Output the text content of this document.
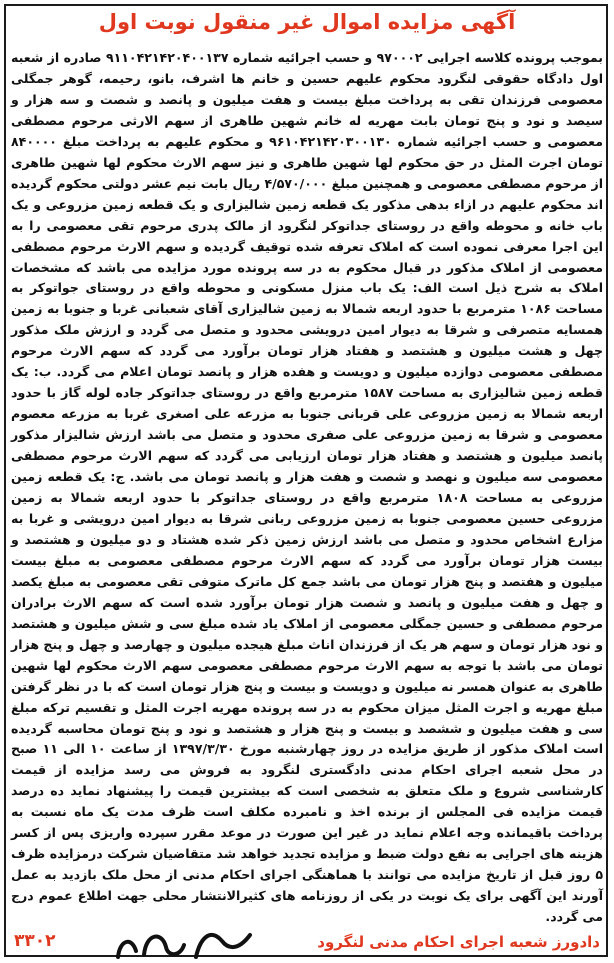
آگهی مزایده اموال غیر منقول نوبت اول
بموجب پرونده کلاسه اجرایی ۹۷۰۰۰۲ و حسب اجرائیه شماره ۹۱۱۰۴۲۱۴۲۰۴۰۰۱۳۷ صادره از شعبه اول دادگاه حقوقی لنگرود محکوم علیهم حسین و خانم ها اشرف، بانو، رحیمه، گوهر جمگلی معصومی فرزندان تقی به پرداخت مبلغ بیست و هفت میلیون و پانصد و شصت و سه هزار و سیصد و نود و پنج تومان بابت مهریه له خانم شهین طاهری از سهم الارثی مرحوم مصطفی معصومی و حسب اجرائیه شماره ۹۶۱۰۴۲۱۴۲۰۳۰۰۱۳۰ و محکوم علیهم به پرداخت مبلغ ۸۴۰۰۰۰ تومان اجرت المثل در حق محکوم لها شهین طاهری و نیز سهم الارث محکوم لها شهین طاهری از مرحوم مصطفی معصومی و همچنین مبلغ ۴/۵۷۰/۰۰۰ ریال بابت نیم عشر دولتی محکوم گردیده اند محکوم علیهم در ازاء بدهی مذکور یک قطعه زمین شالیزاری و یک قطعه زمین مزروعی و یک باب خانه و محوطه واقع در روستای جداتوکر لنگرود از مالک پدری مرحوم تقی معصومی را به این اجرا معرفی نموده است که املاک تعرفه شده توقیف گردیده و سهم الارث مرحوم مصطفی معصومی از املاک مذکور در قبال محکوم به در سه پرونده مورد مزایده می باشد که مشخصات املاک به شرح ذیل است الف: یک باب منزل مسکونی و محوطه واقع در روستای جواتوکر به مساحت ۱۰۸۶ مترمربع با حدود اربعه شمالا به زمین شالیزاری آقای شعبانی غربا و جنوبا به زمین همسایه متصرفی و شرقا به دیوار امین درویشی محدود و متصل می گردد و ارزش ملک مذکور چهل و هشت میلیون و هشتصد و هفتاد هزار تومان برآورد می گردد که سهم الارث مرحوم مصطفی معصومی دوازده میلیون و دویست و هفده هزار و پانصد تومان اعلام می گردد. ب: یک قطعه زمین شالیزاری به مساحت ۱۵۸۷ مترمربع واقع در روستای جداتوکر جاده لوله گاز با حدود اربعه شمالا به زمین مزروعی علی قربانی جنوبا به مزرعه علی اصغری غربا به مزرعه معصوم معصومی و شرقا به زمین مزروعی علی صفری محدود و متصل می باشد ارزش شالیزار مذکور پانصد میلیون و هشتصد و هفتاد هزار تومان ارزیابی می گردد که سهم الارث مرحوم مصطفی معصومی سه میلیون و نهصد و شصت و هفت هزار و پانصد تومان می باشد. ج: یک قطعه زمین مزروعی به مساحت ۱۸۰۸ مترمربع واقع در روستای جداتوکر با حدود اربعه شمالا به زمین مزروعی حسین معصومی جنوبا به زمین مزروعی ربانی شرقا به دیوار امین درویشی و غربا به مزارع اشخاص محدود و متصل می باشد ارزش زمین ذکر شده هشتاد و دو میلیون و هشتصد و بیست هزار تومان برآورد می گردد که سهم الارث مرحوم مصطفی معصومی به مبلغ بیست میلیون و هفتصد و پنج هزار تومان می باشد جمع کل ماترک متوفی تقی معصومی به مبلغ یکصد و چهل و هفت میلیون و پانصد و شصت هزار تومان برآورد شده است که سهم الارث برادران مرحوم مصطفی و حسین جمگلی معصومی از املاک یاد شده مبلغ سی و شش میلیون و هشتصد و نود هزار تومان و سهم هر یک از فرزندان اناث مبلغ هیجده میلیون و چهارصد و چهل و پنج هزار تومان می باشد با توجه به سهم الارث مرحوم مصطفی معصومی سهم الارث محکوم لها شهین طاهری به عنوان همسر نه میلیون و دویست و بیست و پنج هزار تومان است که با در نظر گرفتن مبلغ مهریه و اجرت المثل میزان محکوم به در سه پرونده مهریه اجرت المثل و تقسیم ترکه مبلغ سی و هفت میلیون و ششصد و بیست و پنج هزار و هشتصد و نود و پنج تومان محاسبه گردیده است املاک مذکور از طریق مزایده در روز چهارشنبه مورخ ۱۳۹۷/۳/۳۰ از ساعت ۱۰ الی ۱۱ صبح در محل شعبه اجرای احکام مدنی دادگستری لنگرود به فروش می رسد مزایده از قیمت کارشناسی شروع و ملک متعلق به شخصی است که بیشترین قیمت را پیشنهاد نماید ده درصد قیمت مزایده فی المجلس از برنده اخذ و نامبرده مکلف است ظرف مدت یک ماه نسبت به پرداخت باقیمانده وجه اعلام نماید در غیر این صورت در موعد مقرر سپرده واریزی پس از کسر هزینه های اجرایی به نفع دولت ضبط و مزایده تجدید خواهد شد متقاضیان شرکت درمزایده ظرف ۵ روز قبل از تاریخ مزایده می توانند با هماهنگی اجرای احکام مدنی از محل ملک بازدید به عمل آورند این آگهی برای یک نوبت در یکی از روزنامه های کثیرالانتشار محلی جهت اطلاع عموم درج می گردد.
دادورز شعبه اجرای احکام مدنی لنگرود
۳۳۰۲
